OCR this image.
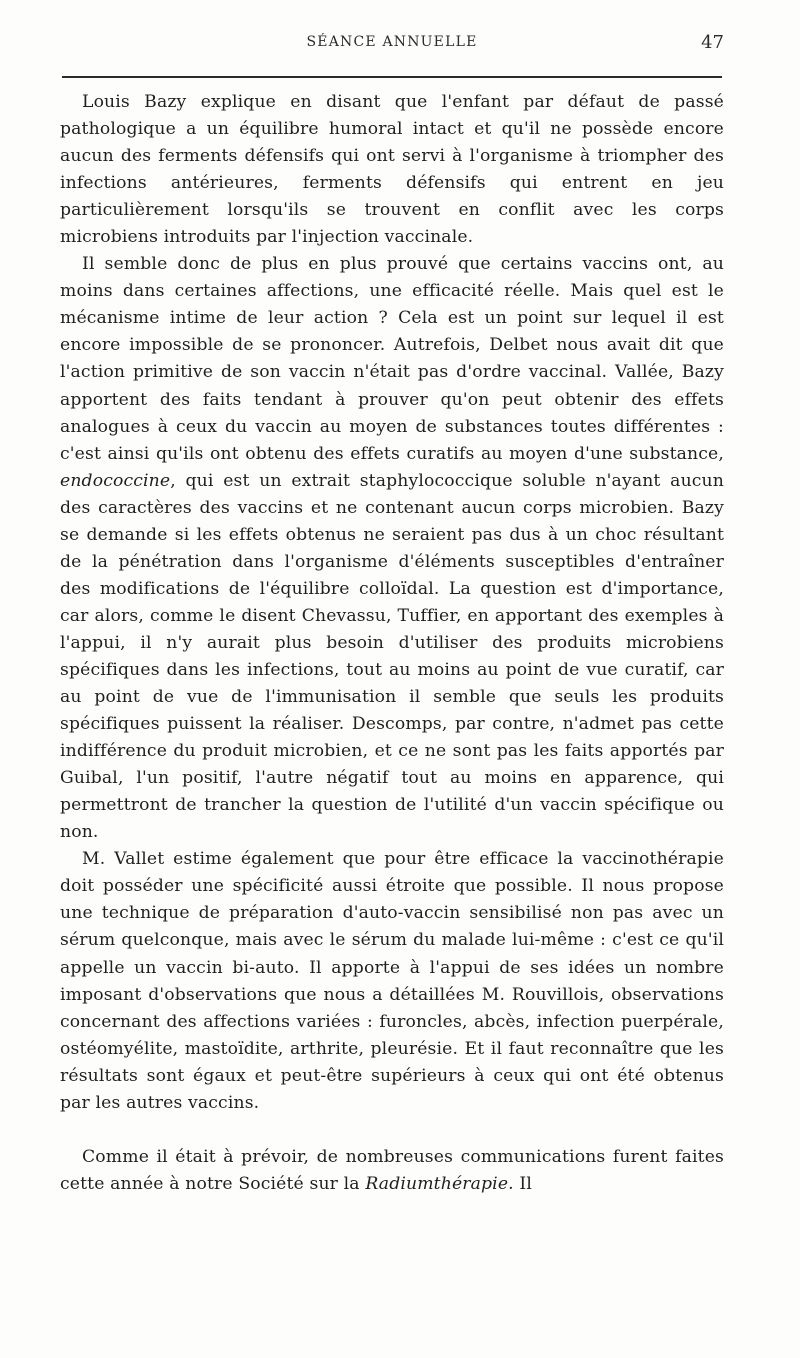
SÉANCE ANNUELLE	47

Louis Bazy explique en disant que l'enfant par défaut de passé pathologique a un équilibre humoral intact et qu'il ne possède encore aucun des ferments défensifs qui ont servi à l'organisme à triompher des infections antérieures, ferments défensifs qui entrent en jeu particulièrement lorsqu'ils se trouvent en conflit avec les corps microbiens introduits par l'injection vaccinale.

Il semble donc de plus en plus prouvé que certains vaccins ont, au moins dans certaines affections, une efficacité réelle. Mais quel est le mécanisme intime de leur action ? Cela est un point sur lequel il est encore impossible de se prononcer. Autrefois, Delbet nous avait dit que l'action primitive de son vaccin n'était pas d'ordre vaccinal. Vallée, Bazy apportent des faits tendant à prouver qu'on peut obtenir des effets analogues à ceux du vaccin au moyen de substances toutes différentes : c'est ainsi qu'ils ont obtenu des effets curatifs au moyen d'une substance, endococcine, qui est un extrait staphylococcique soluble n'ayant aucun des caractères des vaccins et ne contenant aucun corps microbien. Bazy se demande si les effets obtenus ne seraient pas dus à un choc résultant de la pénétration dans l'organisme d'éléments susceptibles d'entraîner des modifications de l'équilibre colloïdal. La question est d'importance, car alors, comme le disent Chevassu, Tuffier, en apportant des exemples à l'appui, il n'y aurait plus besoin d'utiliser des produits microbiens spécifiques dans les infections, tout au moins au point de vue curatif, car au point de vue de l'immunisation il semble que seuls les produits spécifiques puissent la réaliser. Descomps, par contre, n'admet pas cette indifférence du produit microbien, et ce ne sont pas les faits apportés par Guibal, l'un positif, l'autre négatif tout au moins en apparence, qui permettront de trancher la question de l'utilité d'un vaccin spécifique ou non.

M. Vallet estime également que pour être efficace la vaccinothérapie doit posséder une spécificité aussi étroite que possible. Il nous propose une technique de préparation d'auto-vaccin sensibilisé non pas avec un sérum quelconque, mais avec le sérum du malade lui-même : c'est ce qu'il appelle un vaccin bi-auto. Il apporte à l'appui de ses idées un nombre imposant d'observations que nous a détaillées M. Rouvillois, observations concernant des affections variées : furoncles, abcès, infection puerpérale, ostéomyélite, mastoïdite, arthrite, pleurésie. Et il faut reconnaître que les résultats sont égaux et peut-être supérieurs à ceux qui ont été obtenus par les autres vaccins.

Comme il était à prévoir, de nombreuses communications furent faites cette année à notre Société sur la Radiumthérapie. Il
